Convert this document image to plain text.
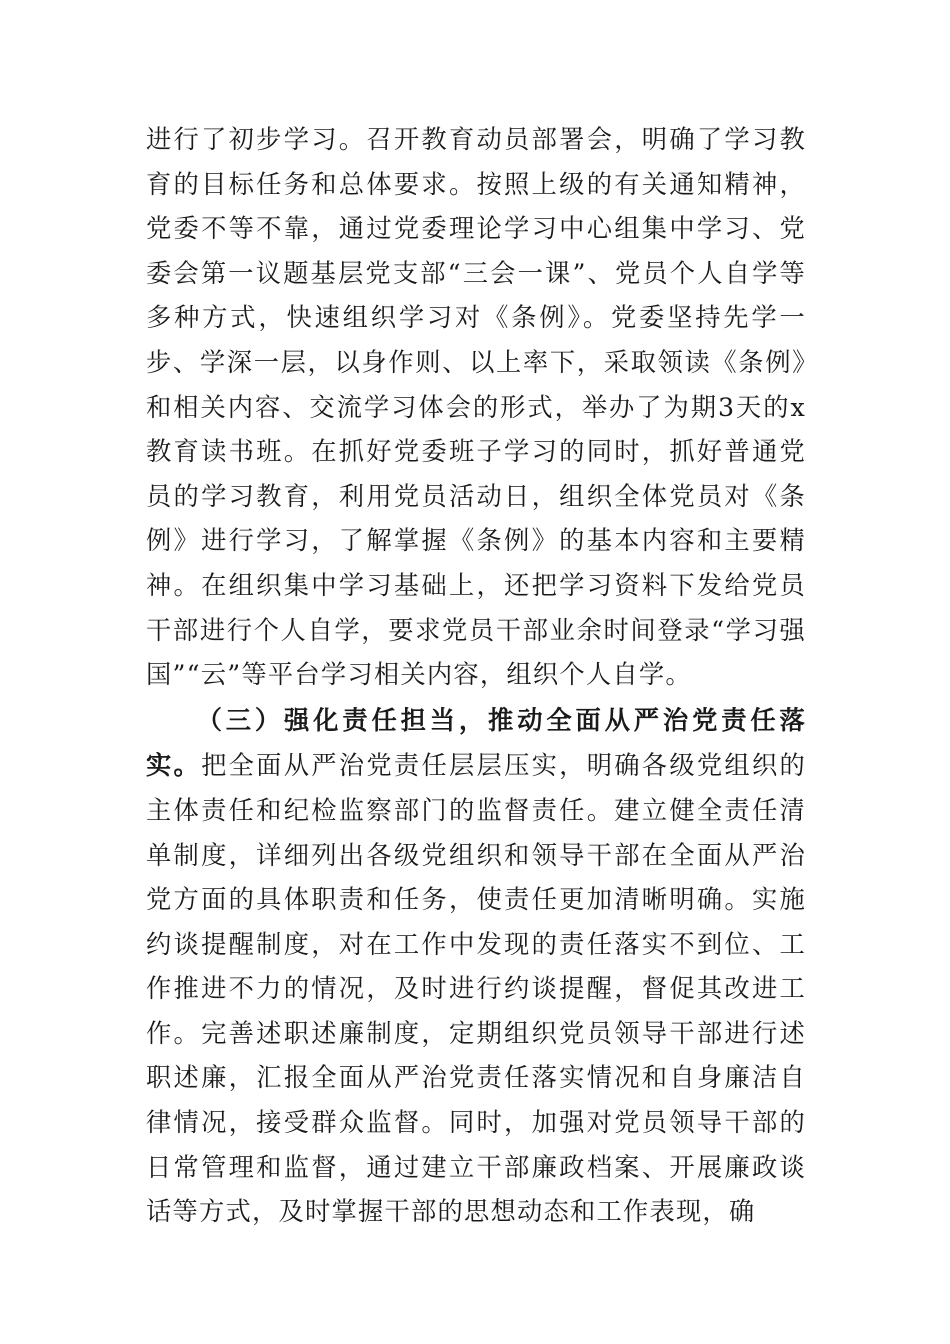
进行了初步学习。召开教育动员部署会，明确了学习教育的目标任务和总体要求。按照上级的有关通知精神，党委不等不靠，通过党委理论学习中心组集中学习、党委会第一议题基层党支部“三会一课”、党员个人自学等多种方式，快速组织学习对《条例》。党委坚持先学一步、学深一层，以身作则、以上率下，采取领读《条例》和相关内容、交流学习体会的形式，举办了为期3天的x教育读书班。在抓好党委班子学习的同时，抓好普通党员的学习教育，利用党员活动日，组织全体党员对《条例》进行学习，了解掌握《条例》的基本内容和主要精神。在组织集中学习基础上，还把学习资料下发给党员干部进行个人自学，要求党员干部业余时间登录“学习强国”“云”等平台学习相关内容，组织个人自学。

（三）强化责任担当，推动全面从严治党责任落实。把全面从严治党责任层层压实，明确各级党组织的主体责任和纪检监察部门的监督责任。建立健全责任清单制度，详细列出各级党组织和领导干部在全面从严治党方面的具体职责和任务，使责任更加清晰明确。实施约谈提醒制度，对在工作中发现的责任落实不到位、工作推进不力的情况，及时进行约谈提醒，督促其改进工作。完善述职述廉制度，定期组织党员领导干部进行述职述廉，汇报全面从严治党责任落实情况和自身廉洁自律情况，接受群众监督。同时，加强对党员领导干部的日常管理和监督，通过建立干部廉政档案、开展廉政谈话等方式，及时掌握干部的思想动态和工作表现，确
